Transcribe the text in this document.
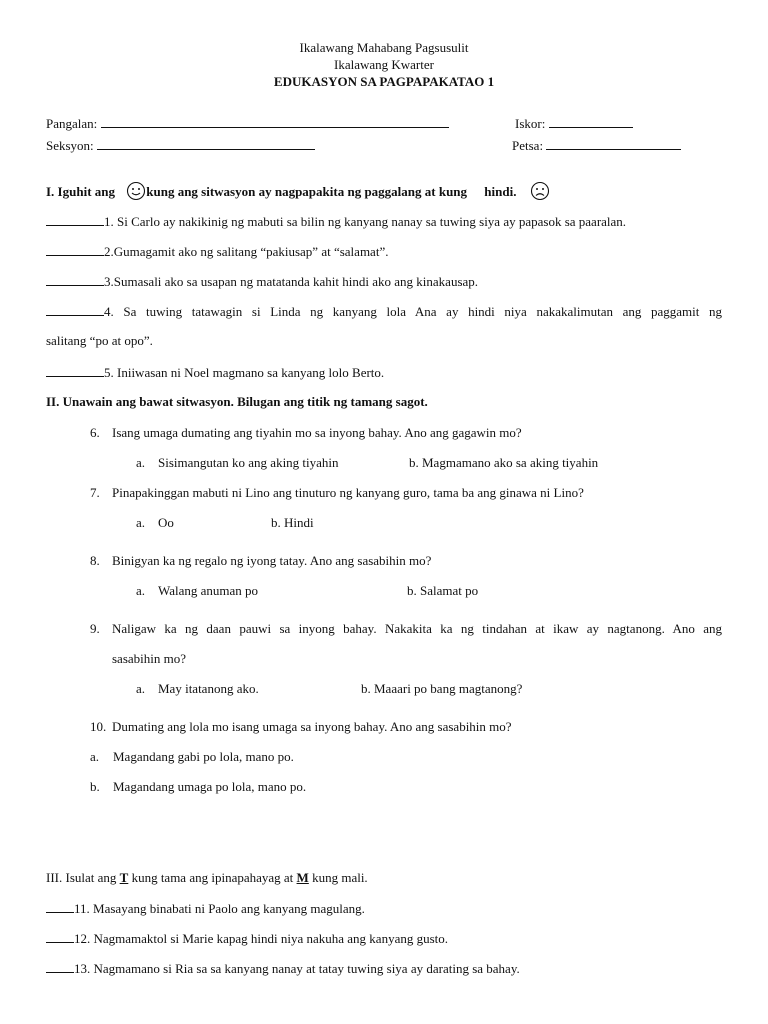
Ikalawang Mahabang Pagsusulit
Ikalawang Kwarter
EDUKASYON SA PAGPAPAKATAO 1
Pangalan:	Iskor:
Seksyon:	Petsa:
I. Iguhit ang kung ang sitwasyon ay nagpapakita ng paggalang at kung hindi.
1. Si Carlo ay nakikinig ng mabuti sa bilin ng kanyang nanay sa tuwing siya ay papasok sa paaralan.
2.Gumagamit ako ng salitang “pakiusap” at “salamat”.
3.Sumasali ako sa usapan ng matatanda kahit hindi ako ang kinakausap.
4. Sa tuwing tatawagin si Linda ng kanyang lola Ana ay hindi niya nakakalimutan ang paggamit ng
salitang “po at opo”.
5. Iniiwasan ni Noel magmano sa kanyang lolo Berto.
II. Unawain ang bawat sitwasyon. Bilugan ang titik ng tamang sagot.
6. Isang umaga dumating ang tiyahin mo sa inyong bahay. Ano ang gagawin mo?
a. Sisimangutan ko ang aking tiyahin	b. Magmamano ako sa aking tiyahin
7. Pinapakinggan mabuti ni Lino ang tinuturo ng kanyang guro, tama ba ang ginawa ni Lino?
a. Oo	b. Hindi
8. Binigyan ka ng regalo ng iyong tatay. Ano ang sasabihin mo?
a. Walang anuman po	b. Salamat po
9. Naligaw ka ng daan pauwi sa inyong bahay. Nakakita ka ng tindahan at ikaw ay nagtanong. Ano ang
sasabihin mo?
a. May itatanong ako.	b. Maaari po bang magtanong?
10. Dumating ang lola mo isang umaga sa inyong bahay. Ano ang sasabihin mo?
a. Magandang gabi po lola, mano po.
b. Magandang umaga po lola, mano po.
III. Isulat ang T kung tama ang ipinapahayag at M kung mali.
11. Masayang binabati ni Paolo ang kanyang magulang.
12. Nagmamaktol si Marie kapag hindi niya nakuha ang kanyang gusto.
13. Nagmamano si Ria sa sa kanyang nanay at tatay tuwing siya ay darating sa bahay.
